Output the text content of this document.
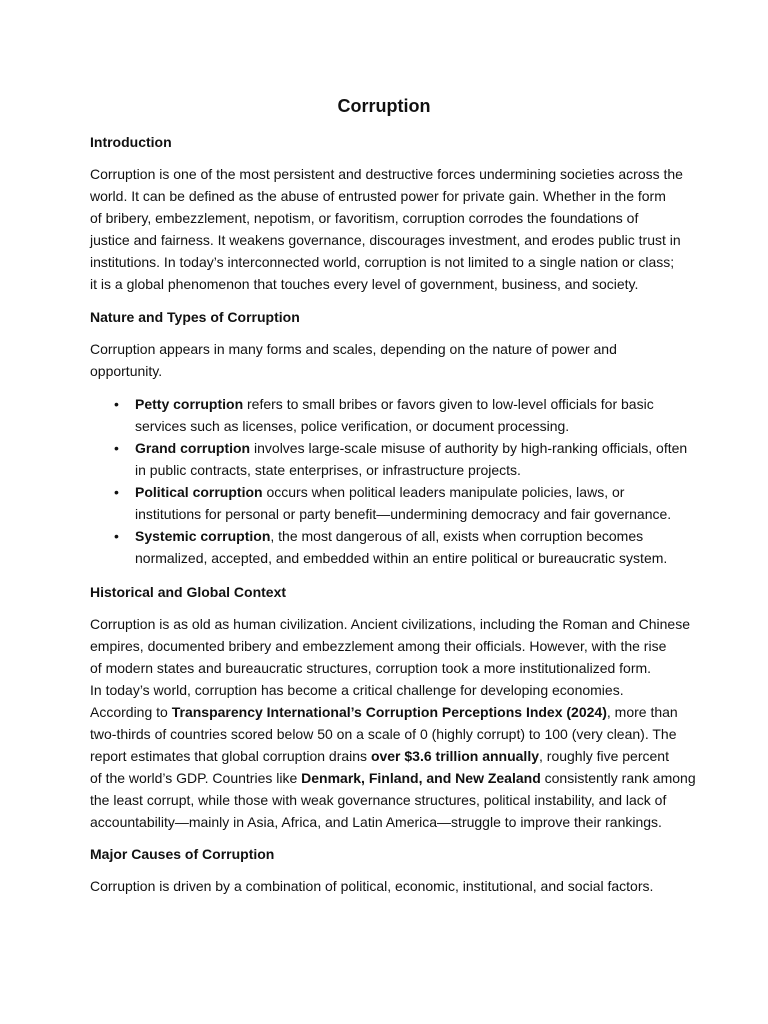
Corruption
Introduction

Corruption is one of the most persistent and destructive forces undermining societies across the
world. It can be defined as the abuse of entrusted power for private gain. Whether in the form
of bribery, embezzlement, nepotism, or favoritism, corruption corrodes the foundations of
justice and fairness. It weakens governance, discourages investment, and erodes public trust in
institutions. In today’s interconnected world, corruption is not limited to a single nation or class;
it is a global phenomenon that touches every level of government, business, and society.

Nature and Types of Corruption

Corruption appears in many forms and scales, depending on the nature of power and
opportunity.

• Petty corruption refers to small bribes or favors given to low-level officials for basic
services such as licenses, police verification, or document processing.
• Grand corruption involves large-scale misuse of authority by high-ranking officials, often
in public contracts, state enterprises, or infrastructure projects.
• Political corruption occurs when political leaders manipulate policies, laws, or
institutions for personal or party benefit—undermining democracy and fair governance.
• Systemic corruption, the most dangerous of all, exists when corruption becomes
normalized, accepted, and embedded within an entire political or bureaucratic system.
Historical and Global Context

Corruption is as old as human civilization. Ancient civilizations, including the Roman and Chinese
empires, documented bribery and embezzlement among their officials. However, with the rise
of modern states and bureaucratic structures, corruption took a more institutionalized form.
In today’s world, corruption has become a critical challenge for developing economies.
According to Transparency International’s Corruption Perceptions Index (2024), more than
two-thirds of countries scored below 50 on a scale of 0 (highly corrupt) to 100 (very clean). The
report estimates that global corruption drains over $3.6 trillion annually, roughly five percent
of the world’s GDP. Countries like Denmark, Finland, and New Zealand consistently rank among
the least corrupt, while those with weak governance structures, political instability, and lack of
accountability—mainly in Asia, Africa, and Latin America—struggle to improve their rankings.

Major Causes of Corruption

Corruption is driven by a combination of political, economic, institutional, and social factors.
